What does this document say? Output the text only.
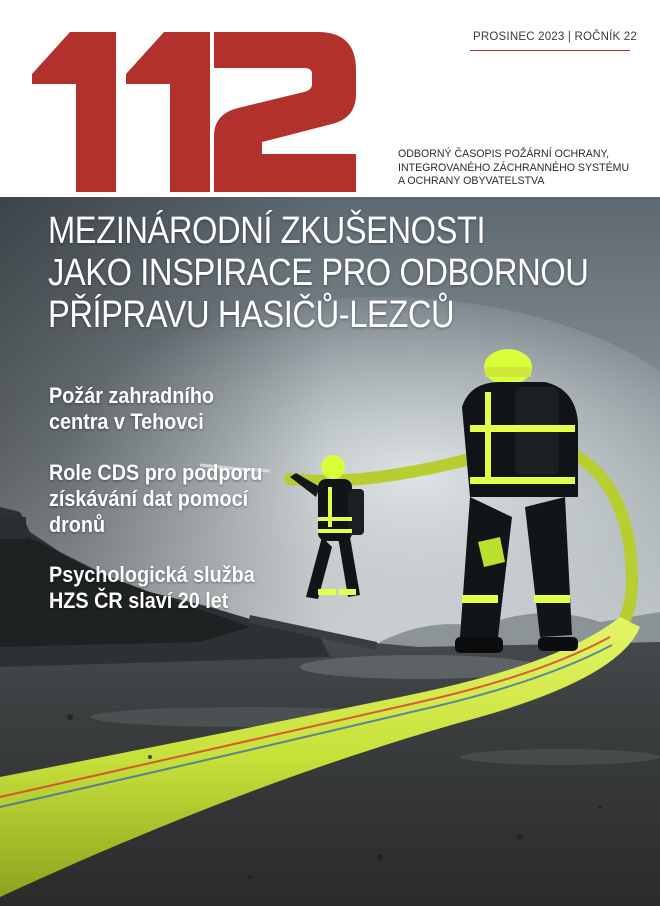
PROSINEC 2023 | ROČNÍK 22
ODBORNÝ ČASOPIS POŽÁRNÍ OCHRANY,
INTEGROVANÉHO ZÁCHRANNÉHO SYSTÉMU
A OCHRANY OBYVATELSTVA
MEZINÁRODNÍ ZKUŠENOSTI
JAKO INSPIRACE PRO ODBORNOU
PŘÍPRAVU HASIČŮ-LEZCŮ
Požár zahradního
centra v Tehovci
Role CDS pro podporu
získávání dat pomocí
dronů
Psychologická služba
HZS ČR slaví 20 let
